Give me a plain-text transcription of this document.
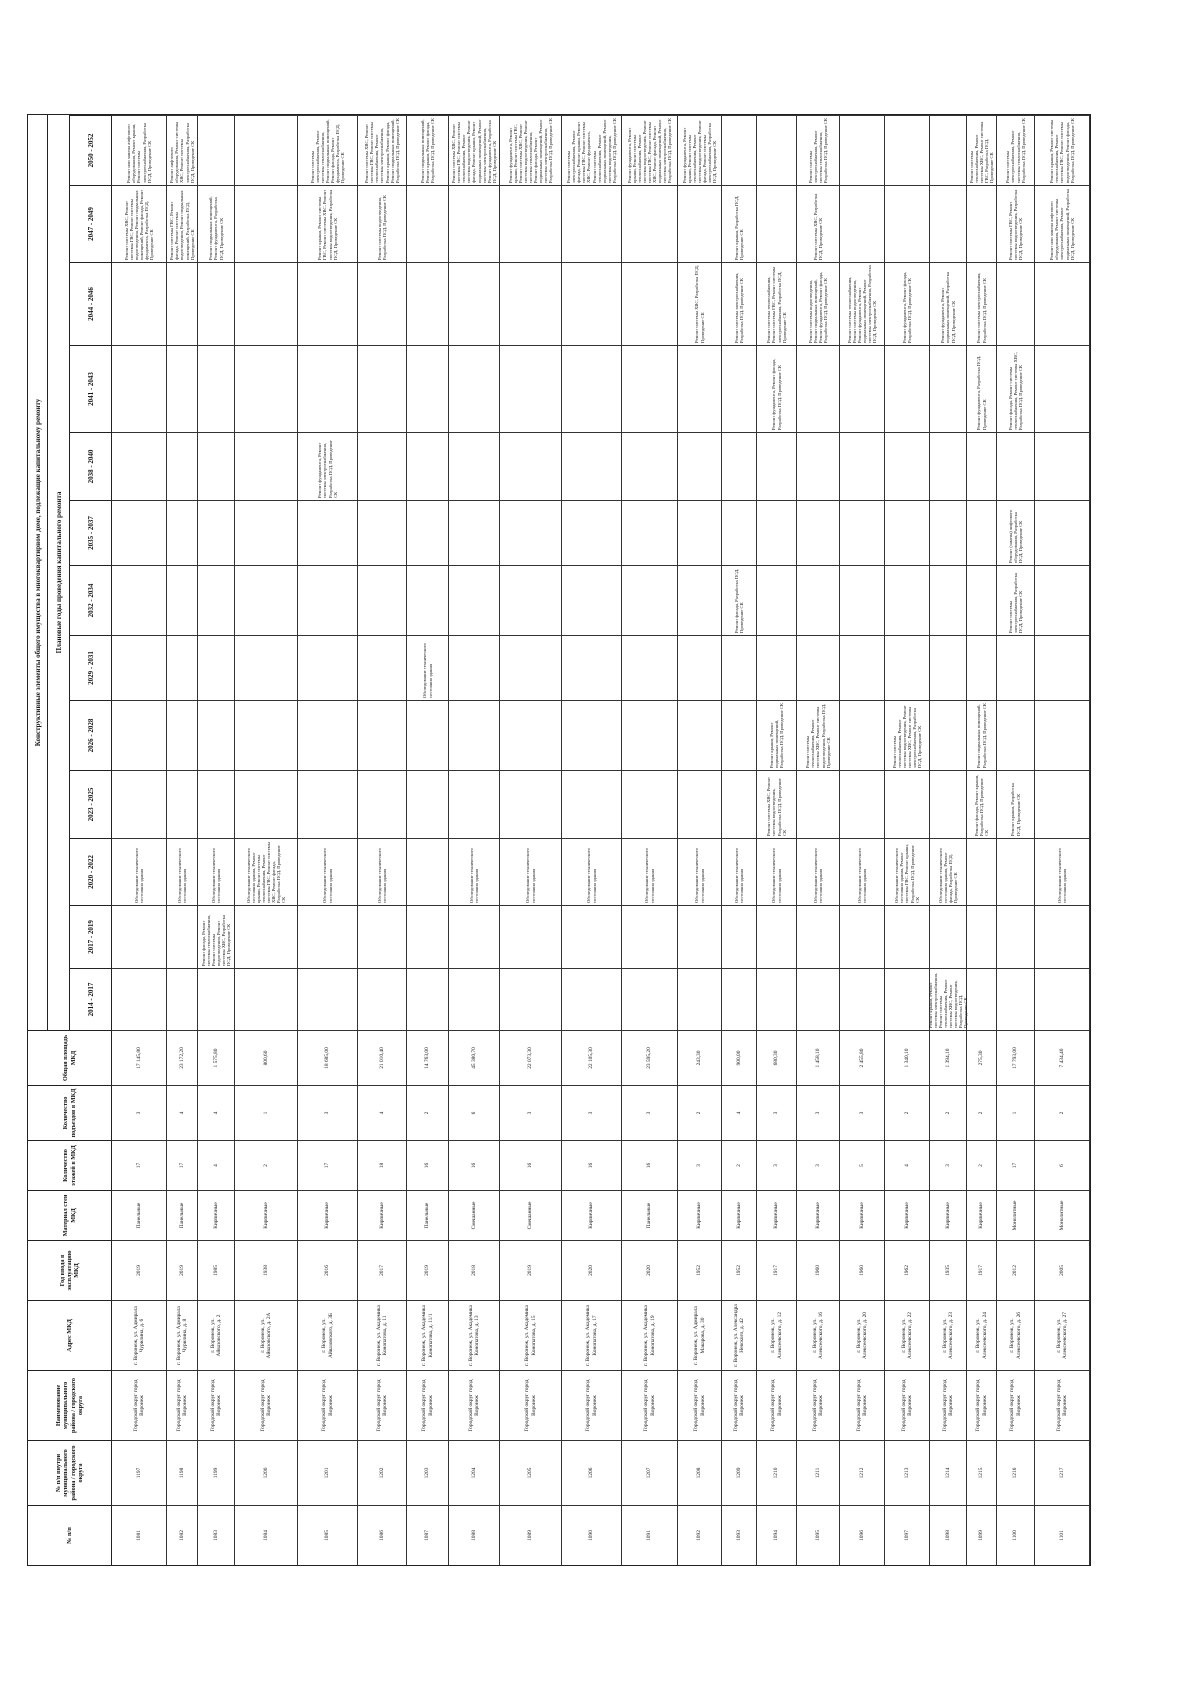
№ п/п
№ п/п внутри муниципального района / городского округа
Наименование муниципального района / городского округа
Адрес МКД
Год ввода в эксплуатацию МКД
Материал стен МКД
Количество этажей в МКД
Количество подъездов в МКД
Общая площадь МКД
Конструктивные элементы общего имущества в многоквартирном доме, подлежащие капитальному ремонту	Плановые годы проведения капитального ремонта
2014 - 2017
2017 - 2019
2020 - 2022
2023 - 2025
2026 - 2028
2029 - 2031
2032 - 2034
2035 - 2037
2038 - 2040
2041 - 2043
2044 - 2046
2047 - 2049
2050 - 2052
1081
1197
Городской округ город Воронеж
г. Воронеж, ул. Адмирала Чурилина, д. 6
2019
Панельные
17
3
17 145,80
Обследование технического состояния здания
Ремонт системы ХВС, Ремонт системы ГВС, Ремонт системы водоотведения, Ремонт подвальных помещений, Ремонт фасада, Ремонт фундамента, Разработка ПСД, Проведение СК
Ремонт или замена лифтового оборудования, Ремонт крыши, Ремонт системы электроснабжения, Разработка ПСД, Проведение СК
1082
1198
Городской округ город Воронеж
г. Воронеж, ул. Адмирала Чурилина, д. 8
2019
Панельные
17
4
23 172,20
Обследование технического состояния здания
Ремонт системы ГВС, Ремонт фасада, Ремонт системы водоотведения, Ремонт подвальных помещений, Разработка ПСД, Проведение СК
Ремонт лифтового оборудования, Ремонт системы ХВС, Ремонт системы электроснабжения, Разработка ПСД, Проведение СК
1083
1199
Городской округ город Воронеж
г. Воронеж, ул. Айвазовского, д. 2
1985
Кирпичные
4
4
1 575,80
Ремонт фасада, Ремонт системы теплоснабжения, Ремонт системы водоотведения, Ремонт системы ХВС, Разработка ПСД, Проведение СК
Обследование технического состояния здания
Ремонт подвальных помещений, Ремонт фундамента, Разработка ПСД, Проведение СК
1084
1200
Городской округ город Воронеж
г. Воронеж, ул. Айвазовского, д. 2А
1938
Кирпичные
2
1
800,60
Обследование технического состояния здания, Ремонт крыши, Ремонт системы теплоснабжения, Ремонт системы ГВС, Ремонт системы ХВС, Ремонт фасада, Разработка ПСД, Проведение СК
1085
1201
Городской округ город Воронеж
г. Воронеж, ул. Айвазовского, д. 3Б
2016
Кирпичные
17
3
18 685,00
Обследование технического состояния здания
Ремонт фундамента, Ремонт системы электроснабжения, Разработка ПСД, Проведение СК
Ремонт крыши, Ремонт системы ГВС, Ремонт системы ХВС, Ремонт системы водоотведения, Разработка ПСД, Проведение СК
Ремонт системы электроснабжения, Ремонт системы теплоснабжения, Ремонт подвальных помещений, Ремонт фасада, Ремонт фундамента, Разработка ПСД, Проведение СК
1086
1202
Городской округ город Воронеж
г. Воронеж, ул. Академика Конопатова, д. 11
2017
Кирпичные
18
4
21 010,40
Обследование технического состояния здания
Ремонт системы водоотведения, Разработка ПСД, Проведение СК
Ремонт системы ХВС, Ремонт системы ГВС, Ремонт системы теплоснабжения, Ремонт системы электроснабжения, Ремонт крыши, Ремонт фасада, Ремонт подвальных помещений, Разработка ПСД, Проведение СК
1087
1203
Городской округ город Воронеж
г. Воронеж, ул. Академика Конопатова, д. 11/1
2019
Панельные
16
2
14 763,00
Обследование технического состояния здания
Ремонт подвальных помещений, Ремонт крыши, Ремонт фасада, Разработка ПСД, Проведение СК
1088
1204
Городской округ город Воронеж
г. Воронеж, ул. Академика Конопатова, д. 13
2018
Смешанные
16
6
45 380,70
Обследование технического состояния здания
Ремонт системы ХВС, Ремонт системы ГВС, Ремонт системы теплоснабжения, Ремонт системы водоотведения, Ремонт фасада, Ремонт крыши, Ремонт подвальных помещений, Ремонт системы электроснабжения, Ремонт фундамента, Разработка ПСД, Проведение СК
1089
1205
Городской округ город Воронеж
г. Воронеж, ул. Академика Конопатова, д. 15
2019
Смешанные
16
3
22 073,30
Обследование технического состояния здания
Ремонт фундамента, Ремонт крыши, Ремонт системы ГВС, Ремонт системы ХВС, Ремонт системы водоотведения, Ремонт системы теплоснабжения, Ремонт фасада, Ремонт подвальных помещений, Ремонт системы электроснабжения, Разработка ПСД, Проведение СК
1090
1206
Городской округ город Воронеж
г. Воронеж, ул. Академика Конопатова, д. 17
2020
Кирпичные
16
3
22 105,30
Обследование технического состояния здания
Ремонт системы электроснабжения, Ремонт фасада, Ремонт крыши, Ремонт системы ГВС, Ремонт системы ХВС, Ремонт фундамента, Ремонт системы теплоснабжения, Ремонт подвальных помещений, Ремонт системы водоотведения, Разработка ПСД, Проведение СК
1091
1207
Городской округ город Воронеж
г. Воронеж, ул. Академика Конопатова, д. 19
2020
Панельные
16
3
23 595,20
Обследование технического состояния здания
Ремонт фундамента, Ремонт крыши, Ремонт системы теплоснабжения, Ремонт системы водоотведения, Ремонт системы ГВС, Ремонт системы ХВС, Ремонт фасада, Ремонт подвальных помещений, Ремонт системы электроснабжения, Разработка ПСД, Проведение СК
1092
1208
Городской округ город Воронеж
г. Воронеж, ул. Адмирала Макарова, д. 30
1952
Кирпичные
3
2
243,30
Обследование технического состояния здания
Ремонт системы ХВС, Разработка ПСД, Проведение СК
Ремонт фундамента, Ремонт крыши, Ремонт системы теплоснабжения, Ремонт системы водоотведения, Ремонт фасада, Ремонт системы электроснабжения, Разработка ПСД, Проведение СК
1093
1209
Городской округ город Воронеж
г. Воронеж, ул. Александра Невского, д. 42
1952
Кирпичные
2
4
900,00
Обследование технического состояния здания
Ремонт фасада, Разработка ПСД, Проведение СК
Ремонт системы электроснабжения, Разработка ПСД, Проведение СК
Ремонт крыши, Разработка ПСД, Проведение СК
1094
1210
Городской округ город Воронеж
г. Воронеж, ул. Алексеевского, д. 12
1917
Кирпичные
3
3
680,30
Обследование технического состояния здания
Ремонт системы ХВС, Ремонт системы водоотведения, Разработка ПСД, Проведение СК
Ремонт крыши, Ремонт подвальных помещений, Разработка ПСД, Проведение СК
Ремонт фундамента, Ремонт фасада, Разработка ПСД, Проведение СК
Ремонт системы теплоснабжения, Ремонт системы ГВС, Ремонт системы электроснабжения, Разработка ПСД, Проведение СК
1095
1211
Городской округ город Воронеж
г. Воронеж, ул. Алексеевского, д. 16
1960
Кирпичные
3
3
1 458,10
Обследование технического состояния здания
Ремонт системы теплоснабжения, Ремонт системы ХВС, Ремонт системы водоотведения, Разработка ПСД, Проведение СК
Ремонт системы водоотведения, Ремонт подвальных помещений, Ремонт фундамента, Ремонт фасада, Разработка ПСД, Проведение СК
Ремонт системы ХВС, Разработка ПСД, Проведение СК
Ремонт системы электроснабжения, Ремонт системы теплоснабжения, Разработка ПСД, Проведение СК
1096
1212
Городской округ город Воронеж
г. Воронеж, ул. Алексеевского, д. 20
1960
Кирпичные
5
3
2 455,80
Обследование технического состояния здания
Ремонт системы теплоснабжения, Ремонт системы водоотведения, Ремонт фундамента, Ремонт подвальных помещений, Ремонт системы электроснабжения, Разработка ПСД, Проведение СК
1097
1213
Городской округ город Воронеж
г. Воронеж, ул. Алексеевского, д. 22
1962
Кирпичные
4
2
1 340,10
Обследование технического состояния здания, Ремонт системы ГВС, Ремонт крыши, Разработка ПСД, Проведение СК
Ремонт системы теплоснабжения, Ремонт системы водоотведения, Ремонт системы ХВС, Ремонт системы электроснабжения, Разработка ПСД, Проведение СК
Ремонт фундамента, Ремонт фасада, Разработка ПСД, Проведение СК
1098
1214
Городской округ город Воронеж
г. Воронеж, ул. Алексеевского, д. 23
1935
Кирпичные
3
2
1 394,10
Ремонт крыши, Ремонт системы электроснабжения, Ремонт системы теплоснабжения, Ремонт системы ХВС, Ремонт системы водоотведения, Разработка ПСД, Проведение СК
Обследование технического состояния здания, Ремонт фасада, Разработка ПСД, Проведение СК
Ремонт фундамента, Ремонт подвальных помещений, Разработка ПСД, Проведение СК
1099
1215
Городской округ город Воронеж
г. Воронеж, ул. Алексеевского, д. 24
1917
Кирпичные
2
2
275,30
Ремонт фасада, Ремонт крыши, Разработка ПСД, Проведение СК
Ремонт подвальных помещений, Разработка ПСД, Проведение СК
Ремонт фундамента, Разработка ПСД, Проведение СК
Ремонт системы электроснабжения, Разработка ПСД, Проведение СК
Ремонт системы теплоснабжения, Ремонт системы ХВС, Ремонт системы ГВС, Разработка ПСД, Проведение СК
1100
1216
Городской округ город Воронеж
г. Воронеж, ул. Алексеевского, д. 26
2012
Монолитные
17
1
17 793,00
Ремонт крыши, Разработка ПСД, Проведение СК
Ремонт системы электроснабжения, Разработка ПСД, Проведение СК
Ремонт (замена) лифтового оборудования, Разработка ПСД, Проведение СК
Ремонт фасада, Ремонт системы теплоснабжения, Ремонт системы ХВС, Разработка ПСД, Проведение СК
Ремонт системы ГВС, Ремонт системы водоотведения, Разработка ПСД, Проведение СК
Ремонт системы электроснабжения, Ремонт системы теплоснабжения, Разработка ПСД, Проведение СК
1101
1217
Городской округ город Воронеж
г. Воронеж, ул. Алексеевского, д. 27
2005
Монолитные
6
2
7 434,40
Обследование технического состояния здания
Ремонт или замена лифтового оборудования, Ремонт системы электроснабжения, Ремонт подвальных помещений, Разработка ПСД, Проведение СК
Ремонт крыши, Ремонт системы теплоснабжения, Ремонт системы ГВС, Ремонт системы водоотведения, Ремонт фасада, Разработка ПСД, Проведение СК
